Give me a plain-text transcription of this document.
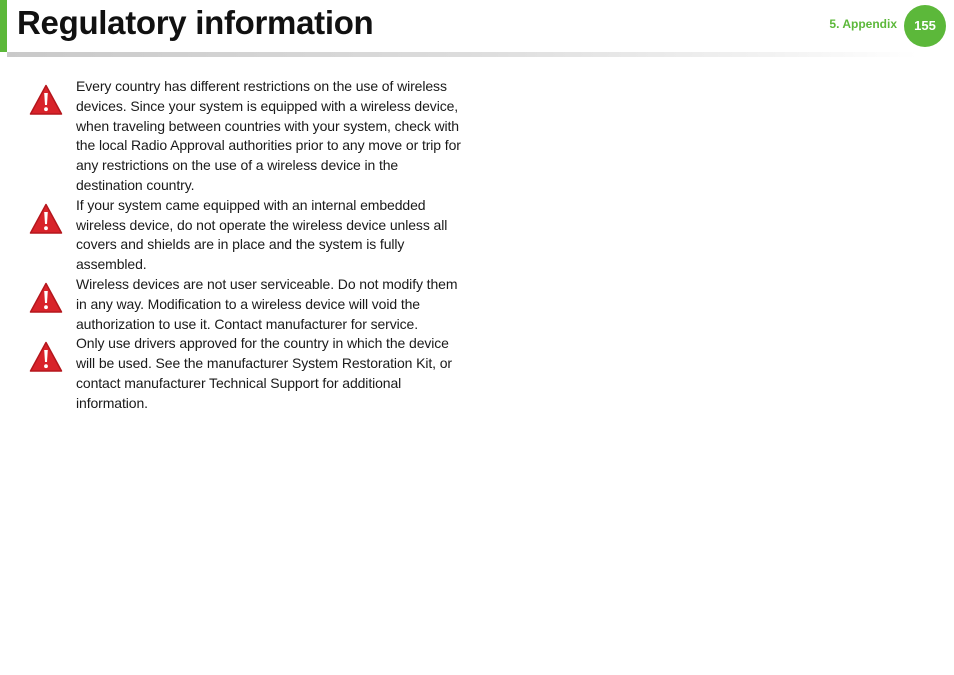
Regulatory information	5. Appendix	155
Every country has different restrictions on the use of wireless devices. Since your system is equipped with a wireless device, when traveling between countries with your system, check with the local Radio Approval authorities prior to any move or trip for any restrictions on the use of a wireless device in the destination country.
If your system came equipped with an internal embedded wireless device, do not operate the wireless device unless all covers and shields are in place and the system is fully assembled.
Wireless devices are not user serviceable. Do not modify them in any way. Modification to a wireless device will void the authorization to use it. Contact manufacturer for service.
Only use drivers approved for the country in which the device will be used. See the manufacturer System Restoration Kit, or contact manufacturer Technical Support for additional information.
